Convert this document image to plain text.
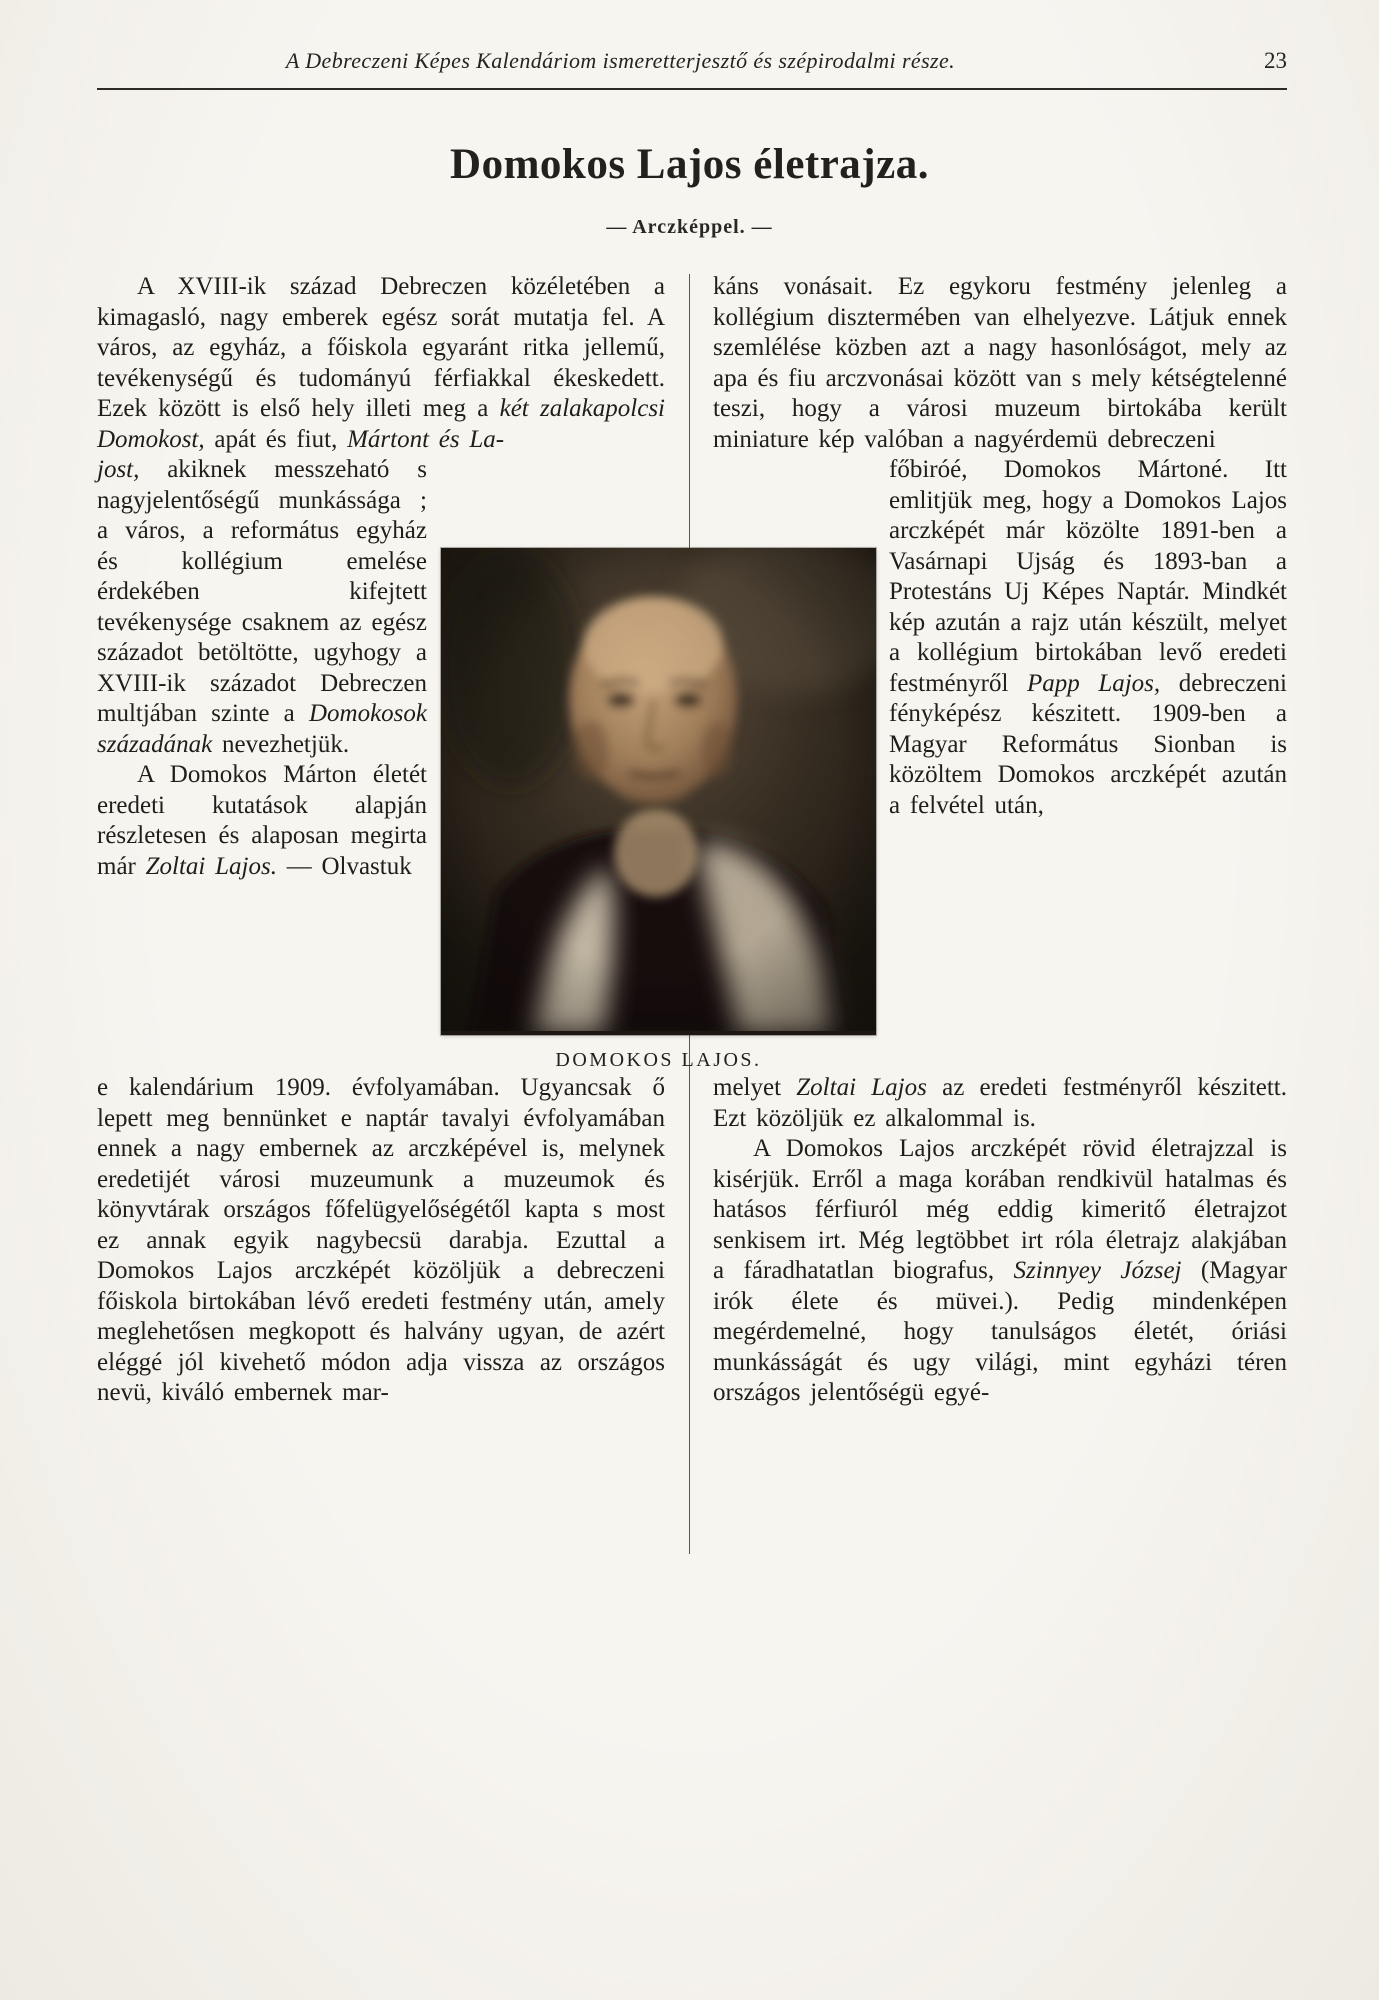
A Debreczeni Képes Kalendáriom ismeretterjesztő és szépirodalmi része.	23
Domokos Lajos életrajza.
— Arczképpel. —

A XVIII-ik század Debreczen közéletében a kimagasló, nagy emberek egész sorát mutatja fel. A város, az egyház, a főiskola egyaránt ritka jellemű, tevékenységű és tudományú férfiakkal ékeskedett. Ezek között is első hely illeti meg a két zalakapolcsi Domokost, apát és fiut, Mártont és La-

jost, akiknek messzeható s nagyjelentőségű munkássága ; a város, a református egyház és kollégium emelése érdekében kifejtett tevékenysége csaknem az egész századot betöltötte, ugyhogy a XVIII-ik századot Debreczen multjában szinte a Domokosok századának nevezhetjük.

A Domokos Márton életét eredeti kutatások alapján részletesen és alaposan megirta már Zoltai Lajos. — Olvastuk

e kalendárium 1909. évfolyamában. Ugyancsak ő lepett meg bennünket e naptár tavalyi évfolyamában ennek a nagy embernek az arczképével is, melynek eredetijét városi muzeumunk a muzeumok és könyvtárak országos főfelügyelőségétől kapta s most ez annak egyik nagybecsü darabja. Ezuttal a Domokos Lajos arczképét közöljük a debreczeni főiskola birtokában lévő eredeti festmény után, amely meglehetősen megkopott és halvány ugyan, de azért eléggé jól kivehető módon adja vissza az országos nevü, kiváló embernek mar-

káns vonásait. Ez egykoru festmény jelenleg a kollégium disztermében van elhelyezve. Látjuk ennek szemlélése közben azt a nagy hasonlóságot, mely az apa és fiu arczvonásai között van s mely kétségtelenné teszi, hogy a városi muzeum birtokába került miniature kép valóban a nagyérdemü debreczeni

főbiróé, Domokos Mártoné. Itt emlitjük meg, hogy a Domokos Lajos arczképét már közölte 1891-ben a Vasárnapi Ujság és 1893-ban a Protestáns Uj Képes Naptár. Mindkét kép azután a rajz után készült, melyet a kollégium birtokában levő eredeti festményről Papp Lajos, debreczeni fényképész készitett. 1909-ben a Magyar Református Sionban is közöltem Domokos arczképét azután a felvétel után,

melyet Zoltai Lajos az eredeti festményről készitett. Ezt közöljük ez alkalommal is.

A Domokos Lajos arczképét rövid életrajzzal is kisérjük. Erről a maga korában rendkivül hatalmas és hatásos férfiuról még eddig kimeritő életrajzot senkisem irt. Még legtöbbet irt róla életrajz alakjában a fáradhatatlan biografus, Szinnyey Józsej (Magyar irók élete és müvei.). Pedig mindenképen megérdemelné, hogy tanulságos életét, óriási munkásságát és ugy világi, mint egyházi téren országos jelentőségü egyé-

DOMOKOS LAJOS.
